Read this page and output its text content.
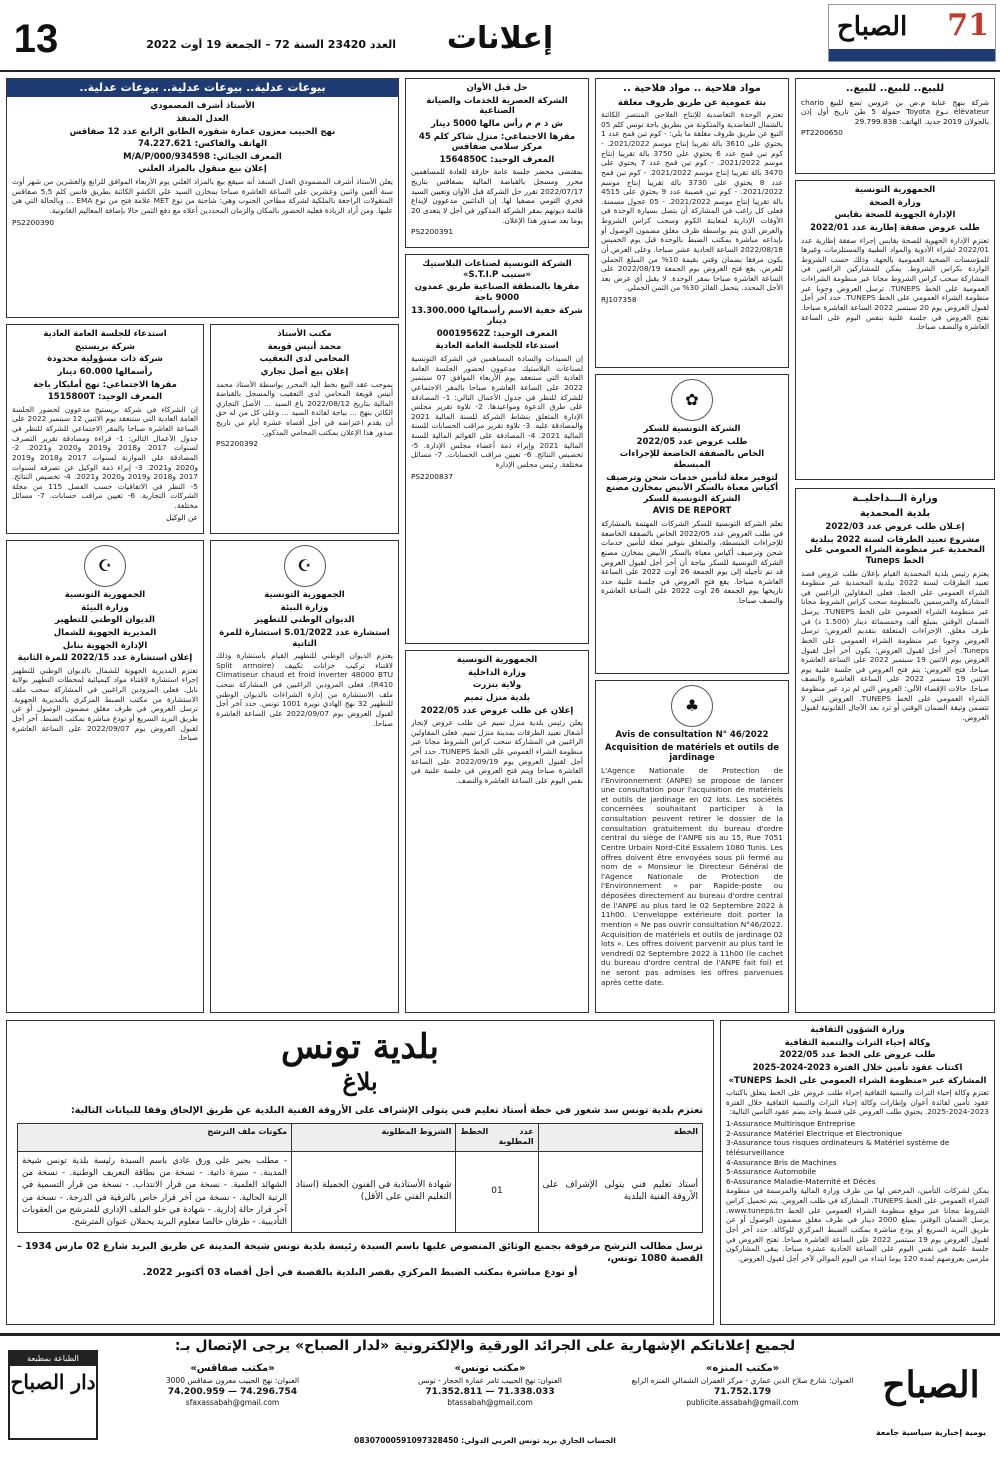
71
الصباح
إعلانات
13	العدد 23420 السنة 72 – الجمعة 19 أوت 2022
للبيع.. للبيع.. للبيع..

شركة بنهج عنابة م.ص بن عروس تضع للبيع chario élévateur نـوع Toyota حمولة 5 طن تاريخ أول إذن بالجولان 2019 جديد. الهاتف: 29.799.838

PT2200650

الجمهورية التونسية
وزارة الصحة
الإدارة الجهوية للصحة بقابس
طلب عروض صفقة إطارية عدد 2022/01

تعتزم الإدارة الجهوية للصحة بقابس إجراء صفقة إطارية عدد 2022/01 لشراء الأدوية والمواد الطبية والمستلزمات وغيرها للمؤسسات الصحية العمومية بالجهة، وذلك حسب الشروط الواردة بكراس الشروط. يمكن للمشاركين الراغبين في المشاركة سحب كراس الشروط مجانا عبر منظومة الشراءات العمومية على الخط TUNEPS. ترسل العروض وجوبا عبر منظومة الشراء العمومي على الخط TUNEPS. حدد آخر أجل لقبول العروض يوم 20 سبتمبر 2022 الساعة العاشرة صباحا. تفتح العروض في جلسة علنية بنفس اليوم على الساعة العاشرة والنصف صباحا.

وزارة الـــداخليــة
بلدية المحمدية
إعـلان طلب عروض عدد 2022/03
مشروع تعبيد الطرقات لسنة 2022 ببلدية المحمدية عبر منظومة الشراء العمومي على الخط Tuneps

يعتزم رئيس بلدية المحمدية القيام بإعلان طلب عروض قصد تعبيد الطرقات لسنة 2022 ببلدية المحمدية عبر منظومة الشراء العمومي على الخط. فعلى المقاولين الراغبين في المشاركة والمرسمين بالمنظومة سحب كراس الشروط مجانا عبر منظومة الشراء العمومي على الخط TUNEPS. يرسل الضمان الوقتي بمبلغ ألف وخمسمائة دينار (1.500 د) في ظرف مغلق. الإجراءات المتعلقة بتقديم العروض: ترسل العروض وجوبا عبر منظومة الشراء العمومي على الخط Tuneps. آخر أجل لقبول العروض: يكون آخر أجل لقبول العروض يوم الاثنين 19 سبتمبر 2022 على الساعة العاشرة صباحا. فتح العروض: يتم فتح العروض في جلسة علنية يوم الاثنين 19 سبتمبر 2022 على الساعة العاشرة والنصف صباحا. حالات الإقصاء الآلي: العروض التي لم ترد عبر منظومة الشراء العمومي على الخط TUNEPS. العروض التي لا تتضمن وثيقة الضمان الوقتي أو ترد بعد الآجال القانونية لقبول العروض.

مواد فلاحية .. مواد فلاحية ..
بتة عمومية عن طريق ظروف مغلقة

تعتزم الوحدة التعاضدية للإنتاج الفلاحي المنتصر الكائنة بالشمال التعاضدية والمتكونة من بطريق باجة تونس كلم 05 التبع عن طريق ظروف مغلقة ما يلي: - كوم تبن قمح عدد 1 يحتوي على 3610 بالة تقريبا إنتاج موسم 2021/2022. - كوم تبن قمح عدد 6 يحتوي على 3750 بالة تقريبا إنتاج موسم 2021/2022. - كوم تبن قمح عدد 7 يحتوي على 3470 بالة تقريبا إنتاج موسم 2021/2022. - كوم تبن قمح عدد 8 يحتوي على 3730 بالة تقريبا إنتاج موسم 2021/2022. - كوم تبن قصيبة عدد 9 يحتوي على 4515 بالة تقريبا إنتاج موسم 2021/2022. - 05 عجول مسمنة. فعلى كل راغب في المشاركة أن يتصل بسيارة الوحدة في الأوقات الإدارية لمعاينة الكوم وسحب كراس الشروط والعرض الذي يتم بواسطة ظرف مغلق مضمون الوصول أو بإيداعه مباشرة بمكتب الضبط بالوحدة قبل يوم الخميس 2022/08/18 الساعة الحادية عشر صباحا. وعلى العرض أن يكون مرفقا بضمان وقتي بقيمة 10% من المبلغ الجملي للعرض. يقع فتح العروض يوم الجمعة 2022/08/19 على الساعة العاشرة صباحا بمقر الوحدة. لا يقبل أي عرض بعد الأجل المحدد. يتحمل الفائز 30% من الثمن الجملي.

RJ107358

✿
الشركة التونسية للسكر
طلب عروض عدد 2022/05
الخاص بالصفقة الخاضعة للإجراءات المبسطة
لتوفير معلة لتأمين خدمات شحن وترصيف أكياس معباة بالسكر الأبيض بمخازن مصنع الشركة التونسية للسكر
AVIS DE REPORT

تعلم الشركة التونسية للسكر الشركات المهتمة بالمشاركة في طلب العروض عدد 2022/05 الخاص بالصفقة الخاضعة للإجراءات المبسطة، والمتعلق بتوفير معلة لتأمين خدمات شحن وترصيف أكياس معباة بالسكر الأبيض بمخازن مصنع الشركة التونسية للسكر بباجة أن آخر أجل لقبول العروض قد تم تأجيله إلى يوم الجمعة 26 أوت 2022 على الساعة العاشرة صباحا. يقع فتح العروض في جلسة علنية حدد تاريخها يوم الجمعة 26 أوت 2022 على الساعة العاشرة والنصف صباحا.

♣
Avis de consultation N° 46/2022
Acquisition de matériels et outils de jardinage

L'Agence Nationale de Protection de l'Environnement (ANPE) se propose de lancer une consultation pour l'acquisition de matériels et outils de jardinage en 02 lots. Les sociétés concernées souhaitant participer à la consultation peuvent retirer le dossier de la consultation gratuitement du bureau d'ordre central du siège de l'ANPE sis au 15, Rue 7051 Centre Urbain Nord-Cité Essalem 1080 Tunis. Les offres doivent être envoyées sous pli fermé au nom de « Monsieur le Directeur Général de l'Agence Nationale de Protection de l'Environnement » par Rapide-poste ou déposées directement au bureau d'ordre central de l'ANPE au plus tard le 02 Septembre 2022 à 11h00. L'enveloppe extérieure doit porter la mention « Ne pas ouvrir consultation N°46/2022. Acquisition de matériels et outils de jardinage 02 lots ». Les offres doivent parvenir au plus tard le vendredi 02 Septembre 2022 à 11h00 (le cachet du bureau d'ordre central de l'ANPE fait foi) et ne seront pas admises les offres parvenues après cette date.

حل قبل الأوان
الشركة العصرية للخدمات والصيانة الصناعية
ش ذ م م رأس مالها 5000 دينار
مقرها الاجتماعي: منزل شاكر كلم 45 مركز سلامي صفاقس
المعرف الوحيد: 1564850C

بمقتضى محضر جلسة عامة خارقة للعادة للمساهمين محرر ومسجل بالقباضة المالية بصفاقس بتاريخ 2022/07/17 تقرر حل الشركة قبل الأوان وتعيين السيد فخري التومي مصفيا لها. إن الدائنين مدعوون لإيداع قائمة ديونهم بمقر الشركة المذكور في أجل لا يتعدى 20 يوما بعد صدور هذا الإعلان.

PS2200391

الشركة التونسية لصناعات البلاستيك «ستيب S.T.I.P»
مقرها بالمنطقة الصناعية طريق عمدون 9000 باجة
شركة خفية الاسم رأسمالها 13.300.000 دينار
المعرف الوحيد: 00019562Z
استدعاء للجلسة العامة العادية

إن السيدات والسادة المساهمين في الشركة التونسية لصناعات البلاستيك مدعوون لحضور الجلسة العامة العادية التي ستنعقد يوم الأربعاء الموافق 07 سبتمبر 2022 على الساعة العاشرة صباحا بالمقر الاجتماعي للشركة للنظر في جدول الأعمال التالي: 1- المصادقة على طرق الدعوة ومواعيدها. 2- تلاوة تقرير مجلس الإدارة المتعلق بنشاط الشركة للسنة المالية 2021 والمصادقة عليه. 3- تلاوة تقرير مراقب الحسابات للسنة المالية 2021. 4- المصادقة على القوائم المالية للسنة المالية 2021 وإبراء ذمة أعضاء مجلس الإدارة. 5- تخصيص النتائج. 6- تعيين مراقب الحسابات. 7- مسائل مختلفة. رئيس مجلس الإدارة

PS2200837

الجمهورية التونسية
وزارة الداخلية
ولاية بنزرت
بلدية منزل تميم
إعلان عن طلب عروض عدد 2022/05

يعلن رئيس بلدية منزل تميم عن طلب عروض لإنجاز أشغال تعبيد الطرقات بمدينة منزل تميم. فعلى المقاولين الراغبين في المشاركة سحب كراس الشروط مجانا عبر منظومة الشراء العمومي على الخط TUNEPS. حدد آخر أجل لقبول العروض يوم 2022/09/19 على الساعة العاشرة صباحا ويتم فتح العروض في جلسة علنية في نفس اليوم على الساعة العاشرة والنصف.

بيوعات عدلية.. بيوعات عدلية.. بيوعات عدلية..
الأستاذ أشرف المصمودي
العدل المنفذ
نهج الحبيب معزون عمارة شقوره الطابق الرابع عدد 12 صفاقس
الهاتف والفاكس: 74.227.621
المعرف الجبائي: 934598/M/A/P/000
إعلان بيع منقول بالمزاد العلني

يعلن الأستاذ أشرف المصمودي العدل المنفذ أنه سيقع بيع بالمزاد العلني يوم الأربعاء الموافق للرابع والعشرين من شهر أوت سنة ألفين واثنين وعشرين على الساعة العاشرة صباحا بمخازن السيد علي الكشو الكائنة بطريق قابس كلم 5,5 صفاقس المنقولات الراجعة بالملكية لشركة مطاحن الجنوب وهي: شاحنة من نوع MET علامة فتح من نوع EMA ... وبالحالة التي هي عليها. ومن أراد الزيادة فعليه الحضور بالمكان والزمان المحددين أعلاه مع دفع الثمن حالا بإضافة المعاليم القانونية.

PS2200390

مكتب الأستاذ
محمد أنيس قويعة
المحامي لدى التعقيب
إعلان بيع أصل تجاري

بموجب عقد البيع بخط اليد المحرر بواسطة الأستاذ محمد أنيس قويعة المحامي لدى التعقيب والمسجل بالقباضة المالية بتاريخ 2022/08/12 باع السيد ... الأصل التجاري الكائن بنهج ... بباجة لفائدة السيد ... وعلى كل من له حق أن يقدم اعتراضه في أجل أقصاه عشرة أيام من تاريخ صدور هذا الإعلان بمكتب المحامي المذكور.

PS2200392

استدعاء للجلسة العامة العادية
شركة بريستيج
شركة ذات مسؤولية محدودة
رأسمالها 60.000 دينار
مقرها الاجتماعي: نهج أمليكار باجة
المعرف الوحيد: 1515800T

إن الشركاء في شركة بريستيج مدعوون لحضور الجلسة العامة العادية التي ستنعقد يوم الاثنين 12 سبتمبر 2022 على الساعة العاشرة صباحا بالمقر الاجتماعي للشركة للنظر في جدول الأعمال التالي: 1- قراءة ومصادقة تقرير التصرف لسنوات 2017 و2018 و2019 و2020 و2021. 2- المصادقة على الموازنة لسنوات 2017 و2018 و2019 و2020 و2021. 3- إبراء ذمة الوكيل عن تصرفه لسنوات 2017 و2018 و2019 و2020 و2021. 4- تخصيص النتائج. 5- النظر في الاتفاقيات حسب الفصل 115 من مجلة الشركات التجارية. 6- تعيين مراقب حسابات. 7- مسائل مختلفة.

عن الوكيل

☪
الجمهورية التونسية
وزارة البيئة
الديوان الوطني للتطهير
استشارة عدد 2022/S.01 استشارة للمرة الثانية

يعتزم الديوان الوطني للتطهير القيام باستشارة وذلك لاقتناء تركيب خزانات تكييف (Split armoire Climatiseur chaud et froid inverter 48000 BTU R410). فعلى المزودين الراغبين في المشاركة سحب ملف الاستشارة من إدارة الشراءات بالديوان الوطني للتطهير 32 نهج الهادي نويرة 1001 تونس. حدد آخر أجل لقبول العروض يوم 2022/09/07 على الساعة العاشرة صباحا.

☪
الجمهورية التونسية
وزارة البيئة
الديوان الوطني للتطهير
المديرية الجهوية للشمال
الإدارة الجهوية بنابل
إعلان استشارة عدد 2022/15 للمرة الثانية

تعتزم المديرية الجهوية للشمال بالديوان الوطني للتطهير إجراء استشارة لاقتناء مواد كيميائية لمحطات التطهير بولاية نابل. فعلى المزودين الراغبين في المشاركة سحب ملف الاستشارة من مكتب الضبط المركزي بالمديرية الجهوية. ترسل العروض في ظرف مغلق مضمون الوصول أو عن طريق البريد السريع أو تودع مباشرة بمكتب الضبط. آخر أجل لقبول العروض يوم 2022/09/07 على الساعة العاشرة صباحا.

وزارة الشؤون الثقافية
وكالة إحياء التراث والتنمية الثقافية
طلب عروض على الخط عدد 2022/05
اكتتاب عقود تأمين خلال الفترة 2023-2024-2025
المشاركة عبر «منظومة الشراء العمومي على الخط TUNEPS»

تعتزم وكالة إحياء التراث والتنمية الثقافية إجراء طلب عروض على الخط يتعلق باكتتاب عقود تأمين لفائدة أعوان وإطارات وكالة إحياء التراث والتنمية الثقافية خلال الفترة 2023-2024-2025. يحتوي طلب العروض على قسط واحد يضم عقود التأمين التالية:

1-Assurance Multirisque Entreprise
2-Assurance Matériel Electrique et Electronique
3-Assurance tous risques ordinateurs & Matériel système de télésurveillance
4-Assurance Bris de Machines
5-Assurance Automobile
6-Assurance Maladie-Maternité et Décès

يمكن لشركات التأمين، المرخص لها من طرف وزارة المالية والمرسمة في منظومة الشراء العمومي على الخط TUNEPS، المشاركة في طلب العروض. يتم تحميل كراس الشروط مجانا عبر موقع منظومة الشراء العمومي على الخط www.tuneps.tn. يرسل الضمان الوقتي بمبلغ 2000 دينار في ظرف مغلق مضمون الوصول أو عن طريق البريد السريع أو يودع مباشرة بمكتب الضبط المركزي للوكالة. حدد آخر أجل لقبول العروض يوم 19 سبتمبر 2022 على الساعة العاشرة صباحا. تفتح العروض في جلسة علنية في نفس اليوم على الساعة الحادية عشرة صباحا. يبقى المشاركون ملزمين بعروضهم لمدة 120 يوما ابتداء من اليوم الموالي لآخر أجل لقبول العروض.

بلدية تونس
بلاغ

تعتزم بلدية تونس سد شغور في خطة أستاذ تعليم فني يتولى الإشراف على الأروقة الفنية البلدية عن طريق الإلحاق وفقا للبيانات التالية:

الخطة	عدد الخطط المطلوبة	الشروط المطلوبة	مكونات ملف الترشح
أستاذ تعليم فني يتولى الإشراف على الأروقة الفنية البلدية	01	شهادة الأستاذية في الفنون الجميلة (استاذ التعليم الفني على الأقل)	- مطلب بحبر على ورق عادي باسم السيدة رئيسة بلدية تونس شيخة المدينة. - سيرة ذاتية. - نسخة من بطاقة التعريف الوطنية. - نسخة من الشهائد العلمية. - نسخة من قرار الانتداب. - نسخة من قرار التسمية في الرتبة الحالية. - نسخة من آخر قرار خاص بالترقية في الدرجة. - نسخة من آخر قرار حالة إدارية. - شهادة في خلو الملف الإداري للمترشح من العقوبات التأديبية. - ظرفان خالصا معلوم البريد يحملان عنوان المترشح.

ترسل مطالب الترشح مرفوقة بجميع الوثائق المنصوص عليها باسم السيدة رئيسة بلدية تونس شيخة المدينة عن طريق البريد شارع 02 مارس 1934 – القصبة 1080 تونس،

أو تودع مباشرة بمكتب الضبط المركزي بقصر البلدية بالقصبة في أجل أقصاه 03 أكتوبر 2022.

الصباح
يومية إخبارية سياسية جامعة
الطباعة بمطبعة
دار الصباح
لجميع إعلاناتكم الإشهارية على الجرائد الورقية والإلكترونية «لدار الصباح» يرجى الإتصال بـ:
«مكتب المنزه»
العنوان: شارع صلاح الدين عماري - مركز العمران الشمالي المنزه الرابع
71.752.179
publicite.assabah@gmail.com
«مكتب تونس»
العنوان: نهج الحبيب ثامر عمارة الحجاز - تونس
71.338.033 — 71.352.811
btassabah@gmail.com
«مكتب صفاقس»
العنوان: نهج الحبيب معزون صفاقس 3000
74.296.754 — 74.200.959
sfaxassabah@gmail.com
الحساب الجاري بريد تونس العربي الدولي: 08307000591097328450
